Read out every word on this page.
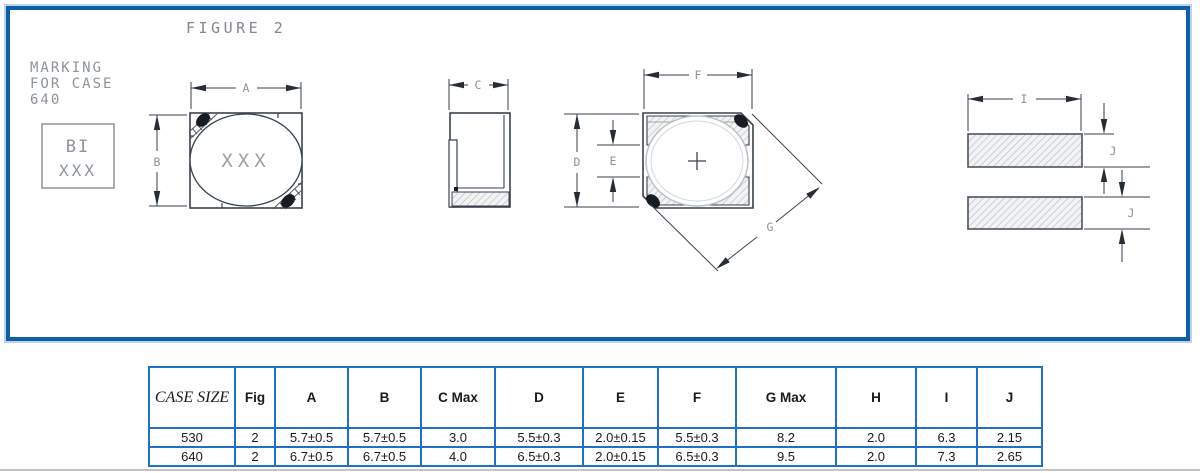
FIGURE 2
MARKING
FOR CASE
640
BI
XXX	XXX
A
B
C
F
D	E
G
I
J
J
CASE SIZE	Fig	A	B	C Max	D	E	F	G Max	H	I	J
530	2	5.7±0.5	5.7±0.5	3.0	5.5±0.3	2.0±0.15	5.5±0.3	8.2	2.0	6.3	2.15
640	2	6.7±0.5	6.7±0.5	4.0	6.5±0.3	2.0±0.15	6.5±0.3	9.5	2.0	7.3	2.65
